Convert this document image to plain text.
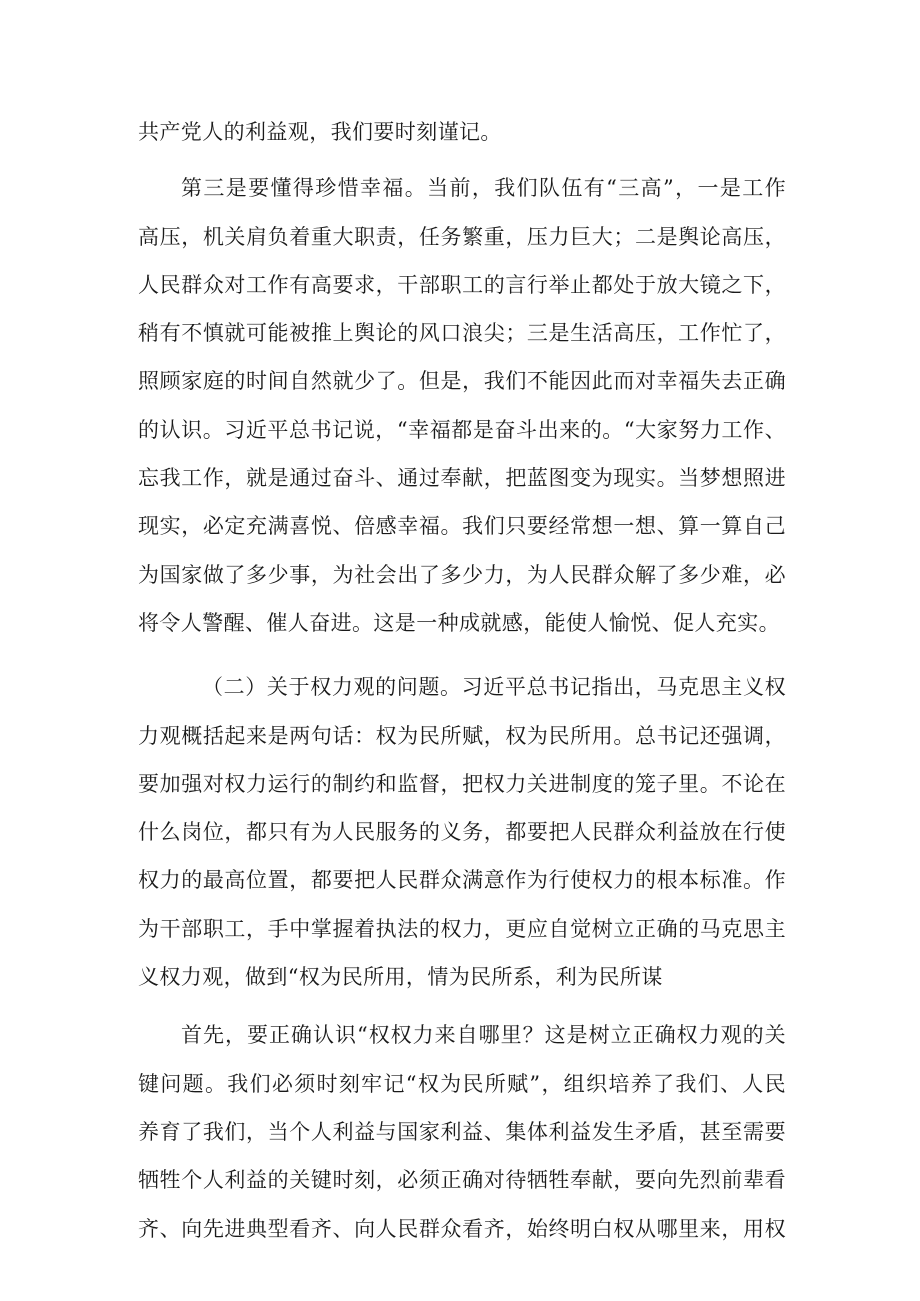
共产党人的利益观，我们要时刻谨记。

第三是要懂得珍惜幸福。当前，我们队伍有“三高”，一是工作
高压，机关肩负着重大职责，任务繁重，压力巨大；二是舆论高压，
人民群众对工作有高要求，干部职工的言行举止都处于放大镜之下，
稍有不慎就可能被推上舆论的风口浪尖；三是生活高压，工作忙了，
照顾家庭的时间自然就少了。但是，我们不能因此而对幸福失去正确
的认识。习近平总书记说，“幸福都是奋斗出来的。“大家努力工作、
忘我工作，就是通过奋斗、通过奉献，把蓝图变为现实。当梦想照进
现实，必定充满喜悦、倍感幸福。我们只要经常想一想、算一算自己
为国家做了多少事，为社会出了多少力，为人民群众解了多少难，必
将令人警醒、催人奋进。这是一种成就感，能使人愉悦、促人充实。

（二）关于权力观的问题。习近平总书记指出，马克思主义权
力观概括起来是两句话：权为民所赋，权为民所用。总书记还强调，
要加强对权力运行的制约和监督，把权力关进制度的笼子里。不论在
什么岗位，都只有为人民服务的义务，都要把人民群众利益放在行使
权力的最高位置，都要把人民群众满意作为行使权力的根本标准。作
为干部职工，手中掌握着执法的权力，更应自觉树立正确的马克思主
义权力观，做到“权为民所用，情为民所系，利为民所谋

首先，要正确认识“权权力来自哪里？这是树立正确权力观的关
键问题。我们必须时刻牢记“权为民所赋”，组织培养了我们、人民
养育了我们，当个人利益与国家利益、集体利益发生矛盾，甚至需要
牺牲个人利益的关键时刻，必须正确对待牺牲奉献，要向先烈前辈看
齐、向先进典型看齐、向人民群众看齐，始终明白权从哪里来，用权
